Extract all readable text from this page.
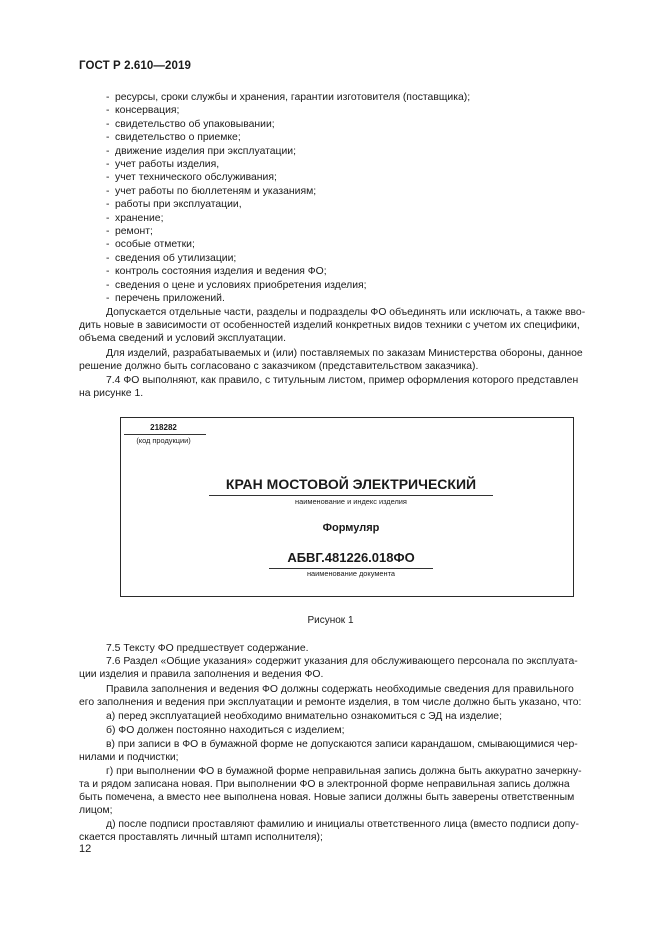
ГОСТ Р 2.610—2019
- ресурсы, сроки службы и хранения, гарантии изготовителя (поставщика);
- консервация;
- свидетельство об упаковывании;
- свидетельство о приемке;
- движение изделия при эксплуатации;
- учет работы изделия,
- учет технического обслуживания;
- учет работы по бюллетеням и указаниям;
- работы при эксплуатации,
- хранение;
- ремонт;
- особые отметки;
- сведения об утилизации;
- контроль состояния изделия и ведения ФО;
- сведения о цене и условиях приобретения изделия;
- перечень приложений.
Допускается отдельные части, разделы и подразделы ФО объединять или исключать, а также вво-
дить новые в зависимости от особенностей изделий конкретных видов техники с учетом их специфики,
объема сведений и условий эксплуатации.
Для изделий, разрабатываемых и (или) поставляемых по заказам Министерства обороны, данное
решение должно быть согласовано с заказчиком (представительством заказчика).
7.4 ФО выполняют, как правило, с титульным листом, пример оформления которого представлен
на рисунке 1.
218282
(код продукции)
КРАН МОСТОВОЙ ЭЛЕКТРИЧЕСКИЙ
наименование и индекс изделия
Формуляр
АБВГ.481226.018ФО
наименование документа
Рисунок 1
7.5 Тексту ФО предшествует содержание.
7.6 Раздел «Общие указания» содержит указания для обслуживающего персонала по эксплуата-
ции изделия и правила заполнения и ведения ФО.
Правила заполнения и ведения ФО должны содержать необходимые сведения для правильного
его заполнения и ведения при эксплуатации и ремонте изделия, в том числе должно быть указано, что:
а) перед эксплуатацией необходимо внимательно ознакомиться с ЭД на изделие;
б) ФО должен постоянно находиться с изделием;
в) при записи в ФО в бумажной форме не допускаются записи карандашом, смывающимися чер-
нилами и подчистки;
г) при выполнении ФО в бумажной форме неправильная запись должна быть аккуратно зачеркну-
та и рядом записана новая. При выполнении ФО в электронной форме неправильная запись должна
быть помечена, а вместо нее выполнена новая. Новые записи должны быть заверены ответственным
лицом;
д) после подписи проставляют фамилию и инициалы ответственного лица (вместо подписи допу-
скается проставлять личный штамп исполнителя);
12
